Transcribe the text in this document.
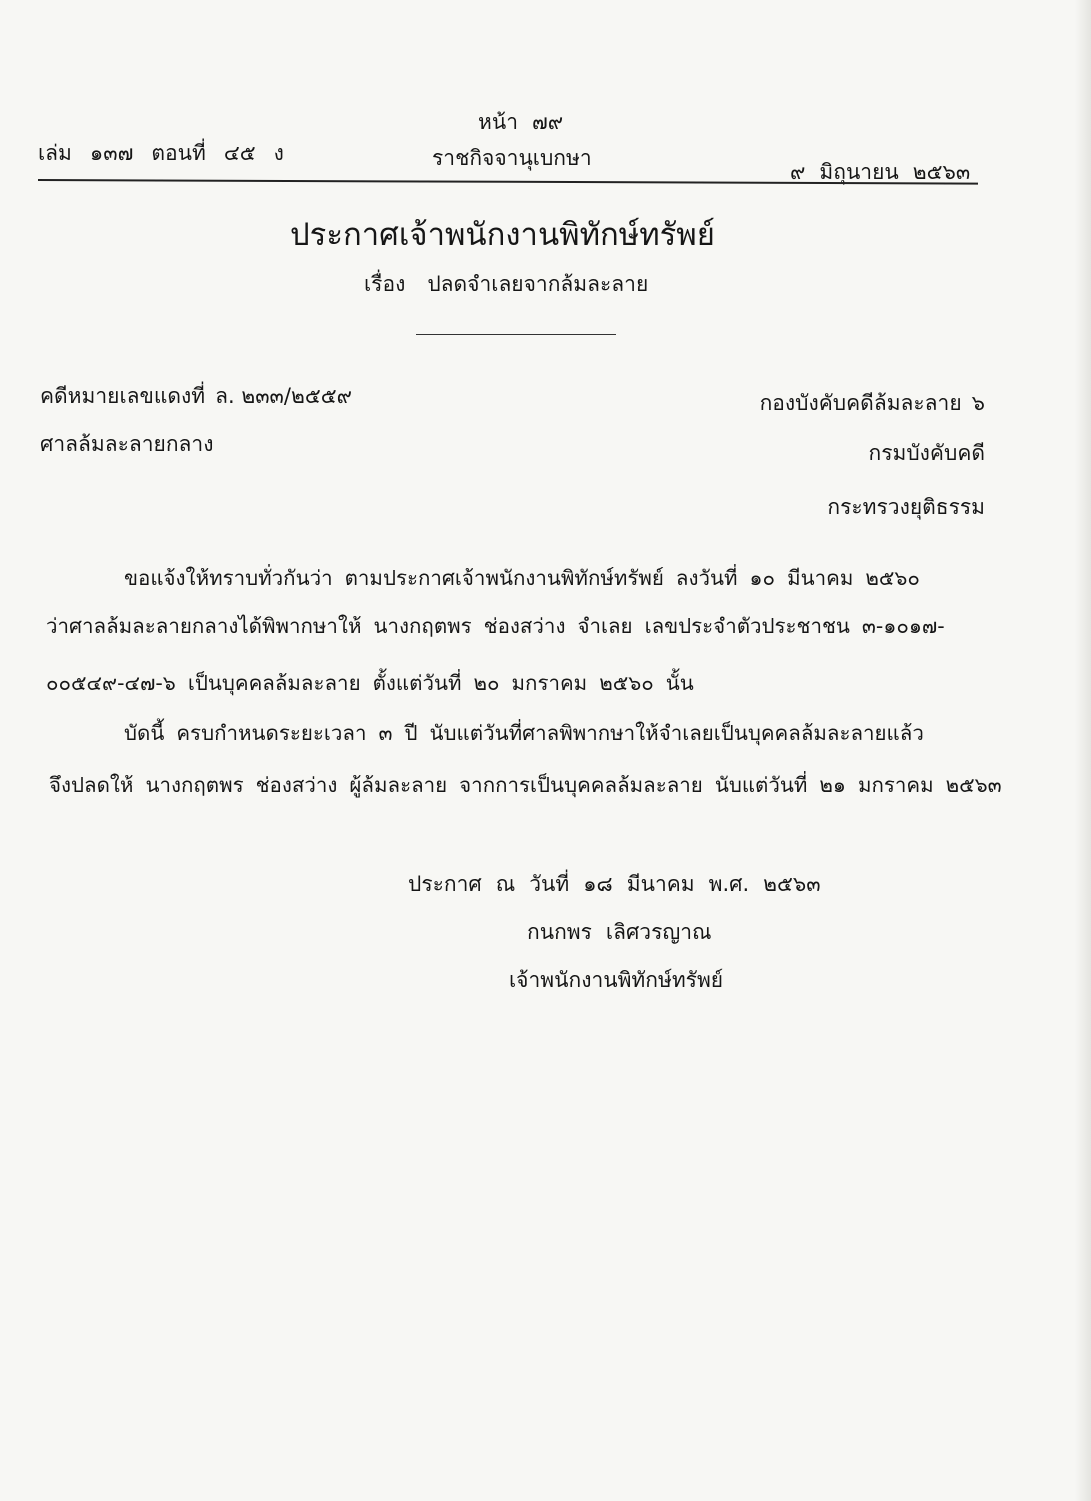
เล่ม ๑๓๗ ตอนที่ ๔๕ ง
หน้า ๗๙
ราชกิจจานุเบกษา
๙ มิถุนายน ๒๕๖๓
ประกาศเจ้าพนักงานพิทักษ์ทรัพย์
เรื่อง ปลดจำเลยจากล้มละลาย
คดีหมายเลขแดงที่ ล. ๒๓๓/๒๕๕๙
ศาลล้มละลายกลาง
กองบังคับคดีล้มละลาย ๖
กรมบังคับคดี
กระทรวงยุติธรรม
ขอแจ้งให้ทราบทั่วกันว่า ตามประกาศเจ้าพนักงานพิทักษ์ทรัพย์ ลงวันที่ ๑๐ มีนาคม ๒๕๖๐
ว่าศาลล้มละลายกลางได้พิพากษาให้ นางกฤตพร ช่องสว่าง จำเลย เลขประจำตัวประชาชน ๓-๑๐๑๗-
๐๐๕๔๙-๔๗-๖ เป็นบุคคลล้มละลาย ตั้งแต่วันที่ ๒๐ มกราคม ๒๕๖๐ นั้น
บัดนี้ ครบกำหนดระยะเวลา ๓ ปี นับแต่วันที่ศาลพิพากษาให้จำเลยเป็นบุคคลล้มละลายแล้ว
จึงปลดให้ นางกฤตพร ช่องสว่าง ผู้ล้มละลาย จากการเป็นบุคคลล้มละลาย นับแต่วันที่ ๒๑ มกราคม ๒๕๖๓
ประกาศ ณ วันที่ ๑๘ มีนาคม พ.ศ. ๒๕๖๓
กนกพร เลิศวรญาณ
เจ้าพนักงานพิทักษ์ทรัพย์
